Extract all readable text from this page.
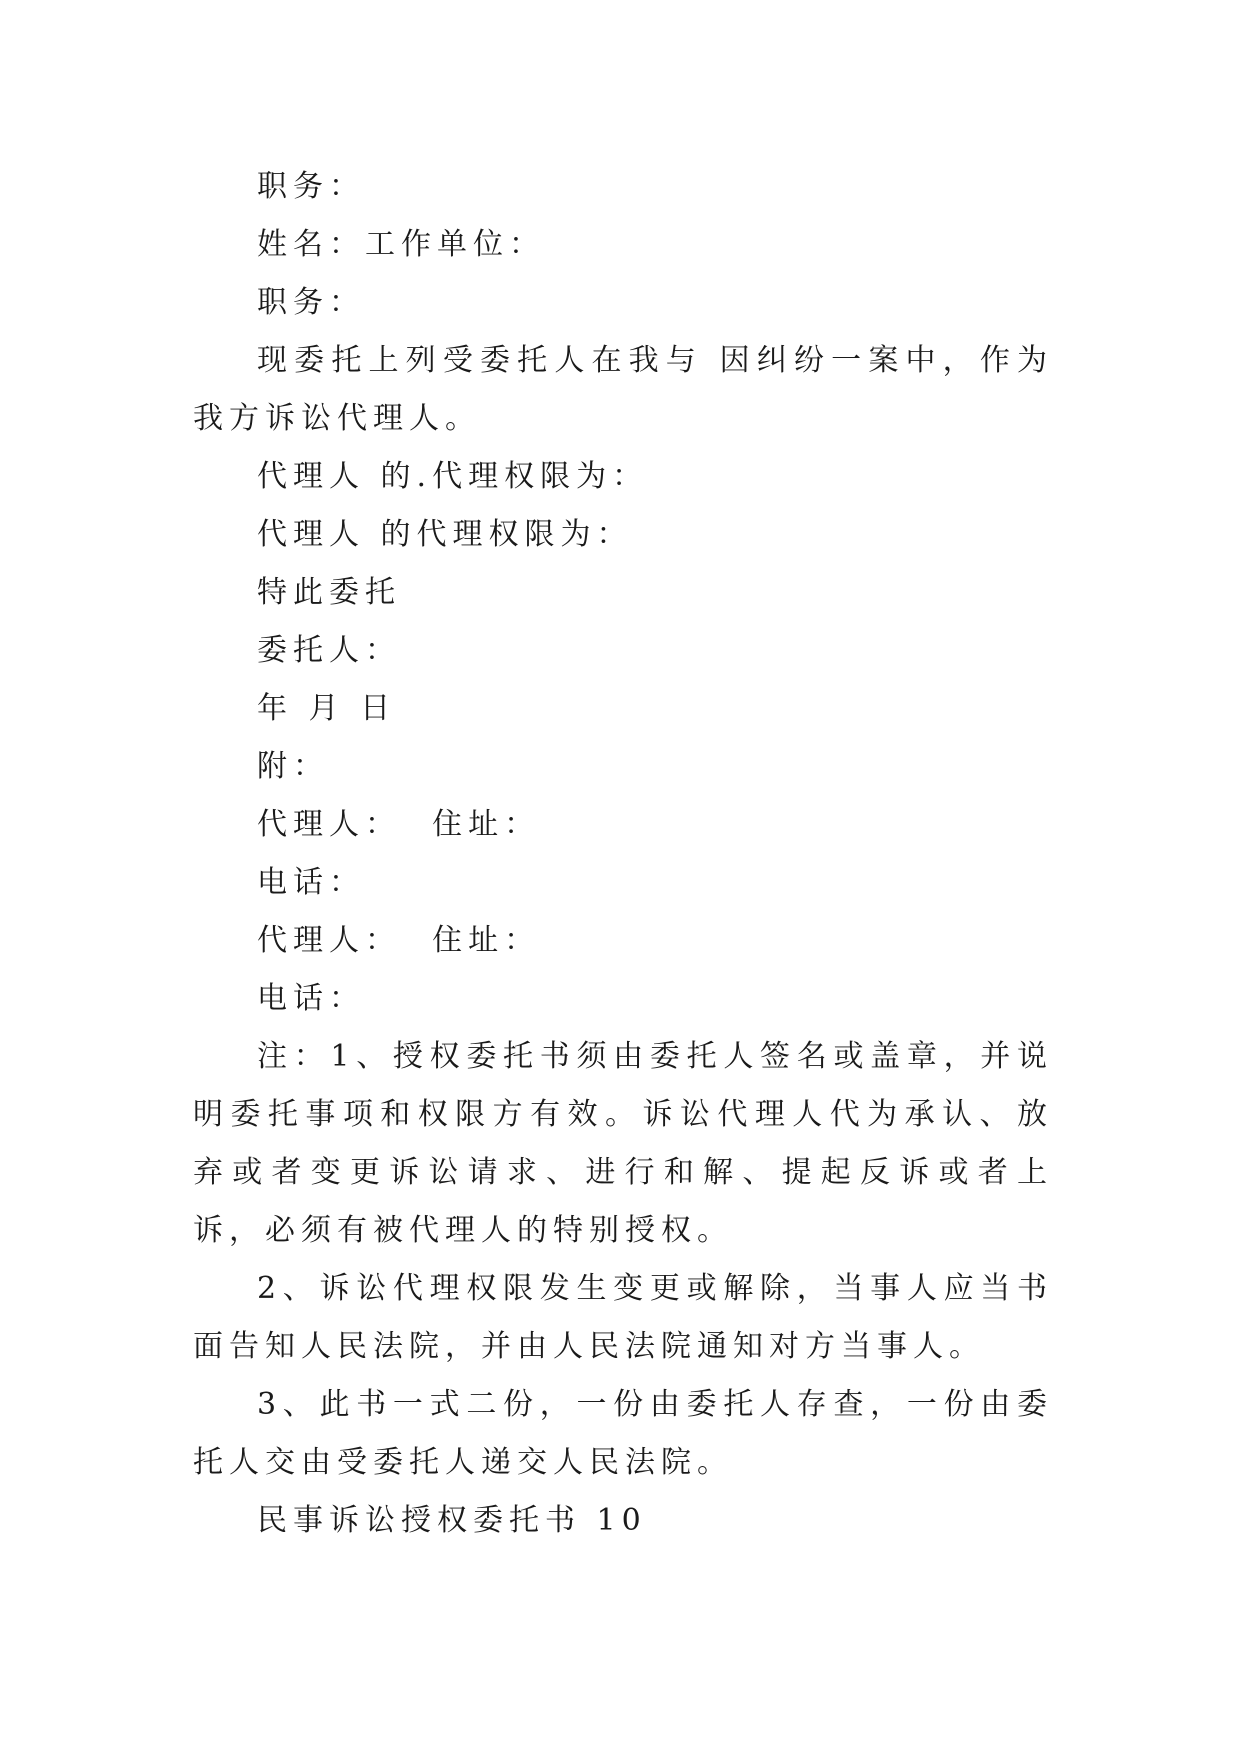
职务：
姓名：工作单位：
职务：
现委托上列受委托人在我与 因纠纷一案中，作为我方诉讼代理人。
代理人 的.代理权限为：
代理人 的代理权限为：
特此委托
委托人：
年 月 日
附：
代理人：  住址：
电话：
代理人：  住址：
电话：
注：1、授权委托书须由委托人签名或盖章，并说明委托事项和权限方有效。诉讼代理人代为承认、放弃或者变更诉讼请求、进行和解、提起反诉或者上诉，必须有被代理人的特别授权。
2、诉讼代理权限发生变更或解除，当事人应当书面告知人民法院，并由人民法院通知对方当事人。
3、此书一式二份，一份由委托人存查，一份由委托人交由受委托人递交人民法院。
民事诉讼授权委托书 10
